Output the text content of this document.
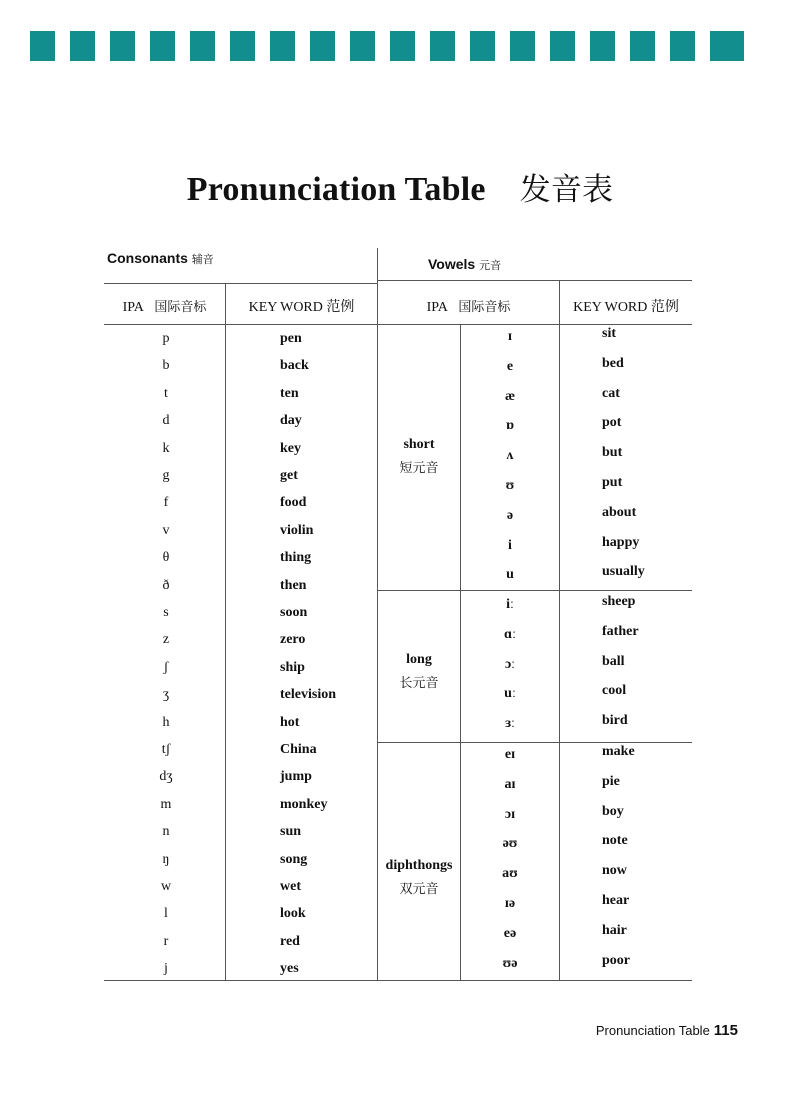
Pronunciation Table 发音表
Consonants 辅音	Vowels 元音
IPA 国际音标	KEY WORD 范例	IPA 国际音标	KEY WORD 范例
p	pen
b	back
t	ten
d	day
k	key
g	get
f	food
v	violin
θ	thing
ð	then
s	soon
z	zero
ʃ	ship
ʒ	television
h	hot
tʃ	China
dʒ	jump
m	monkey
n	sun
ŋ	song
w	wet
l	look
r	red
j	yes
short
短元音
ɪ	sit
e	bed
æ	cat
ɒ	pot
ʌ	but
ʊ	put
ə	about
i	happy
u	usually
long
长元音
iː	sheep
ɑː	father
ɔː	ball
uː	cool
ɜː	bird
diphthongs
双元音
eɪ	make
aɪ	pie
ɔɪ	boy
əʊ	note
aʊ	now
ɪə	hear
eə	hair
ʊə	poor
Pronunciation Table 115
